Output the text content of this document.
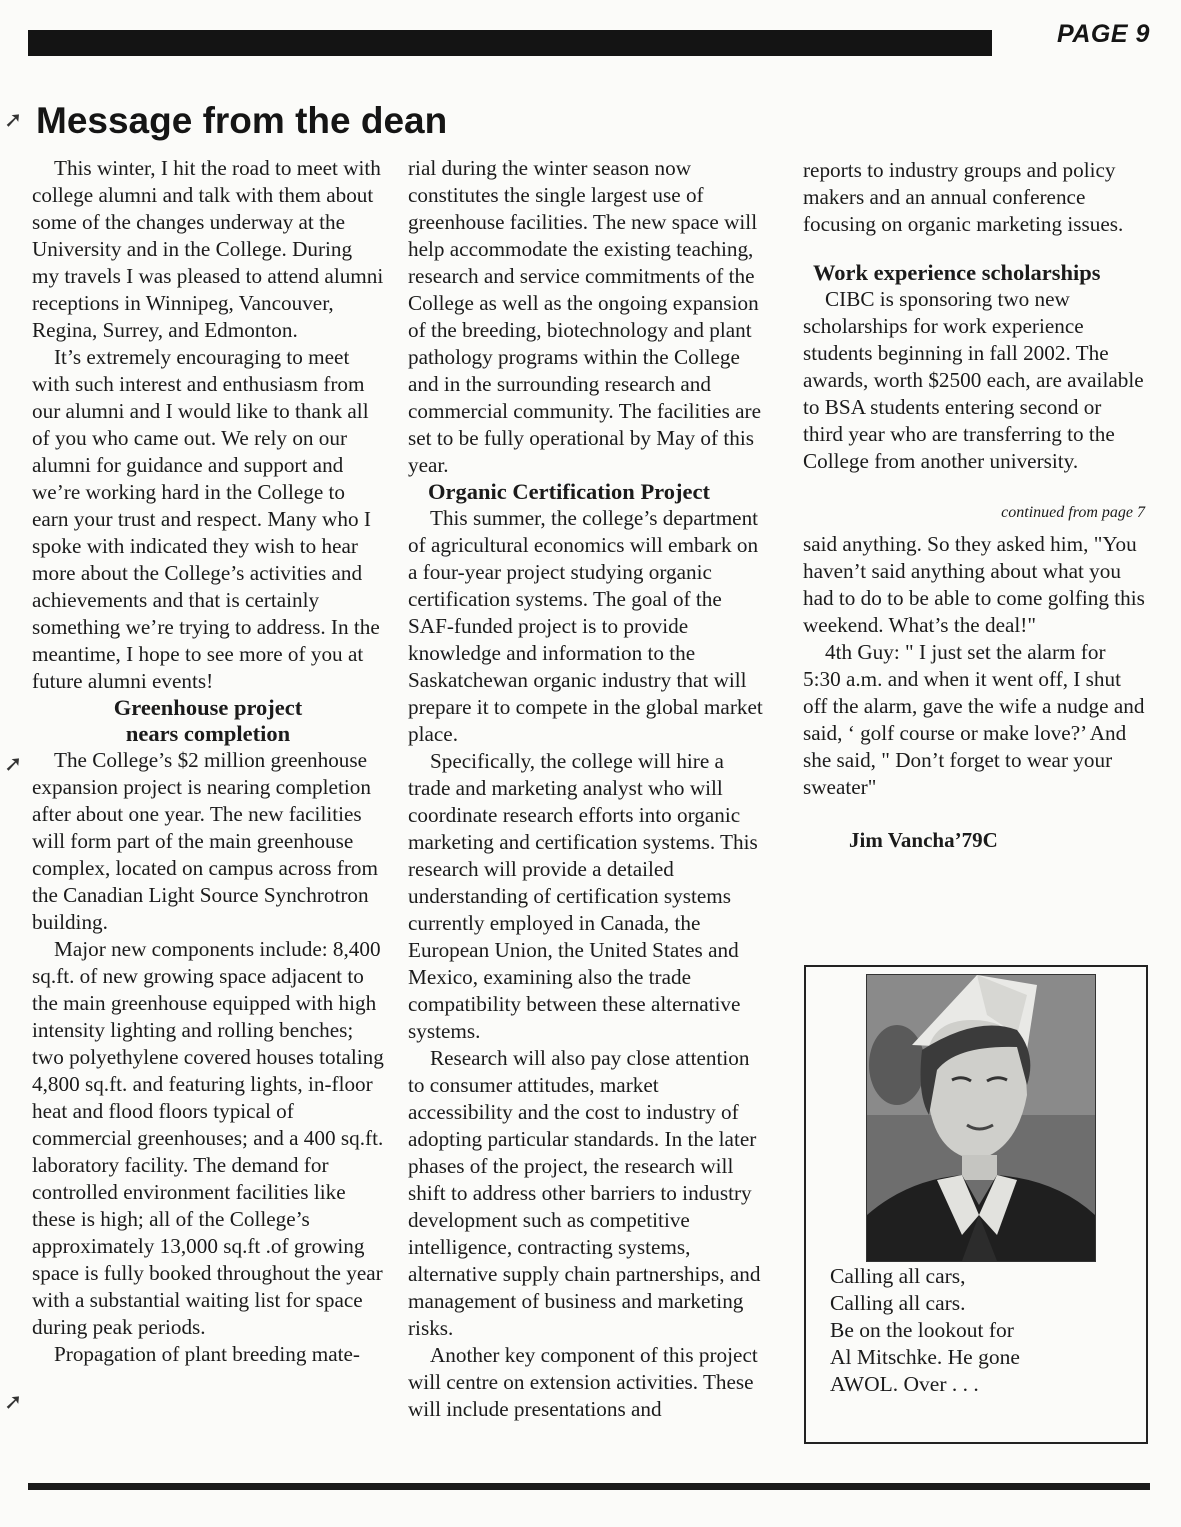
PAGE 9
➚ Message from the dean

This winter, I hit the road to meet with college alumni and talk with them about some of the changes underway at the University and in the College. During my travels I was pleased to attend alumni receptions in Winnipeg, Vancouver, Regina, Surrey, and Edmonton.

It’s extremely encouraging to meet with such interest and enthusiasm from our alumni and I would like to thank all of you who came out. We rely on our alumni for guidance and support and we’re working hard in the College to earn your trust and respect. Many who I spoke with indicated they wish to hear more about the College’s activities and achievements and that is certainly something we’re trying to address. In the meantime, I hope to see more of you at future alumni events!

Greenhouse project
nears completion

The College’s $2 million greenhouse expansion project is nearing completion after about one year. The new facilities will form part of the main greenhouse complex, located on campus across from the Canadian Light Source Synchrotron building.

Major new components include: 8,400 sq.ft. of new growing space adjacent to the main greenhouse equipped with high intensity lighting and rolling benches; two polyethylene covered houses totaling 4,800 sq.ft. and featuring lights, in-floor heat and flood floors typical of commercial greenhouses; and a 400 sq.ft. laboratory facility. The demand for controlled environment facilities like these is high; all of the College’s approximately 13,000 sq.ft .of growing space is fully booked throughout the year with a substantial waiting list for space during peak periods.

Propagation of plant breeding mate-

➚
➚

rial during the winter season now constitutes the single largest use of greenhouse facilities. The new space will help accommodate the existing teaching, research and service commitments of the College as well as the ongoing expansion of the breeding, biotechnology and plant pathology programs within the College and in the surrounding research and commercial community. The facilities are set to be fully operational by May of this year.

Organic Certification Project

This summer, the college’s department of agricultural economics will embark on a four-year project studying organic certification systems. The goal of the SAF-funded project is to provide knowledge and information to the Saskatchewan organic industry that will prepare it to compete in the global market place.

Specifically, the college will hire a trade and marketing analyst who will coordinate research efforts into organic marketing and certification systems. This research will provide a detailed understanding of certification systems currently employed in Canada, the European Union, the United States and Mexico, examining also the trade compatibility between these alternative systems.

Research will also pay close attention to consumer attitudes, market accessibility and the cost to industry of adopting particular standards. In the later phases of the project, the research will shift to address other barriers to industry development such as competitive intelligence, contracting systems, alternative supply chain partnerships, and management of business and marketing risks.

Another key component of this project will centre on extension activities. These will include presentations and

reports to industry groups and policy makers and an annual conference focusing on organic marketing issues.

Work experience scholarships

CIBC is sponsoring two new scholarships for work experience students beginning in fall 2002. The awards, worth $2500 each, are available to BSA students entering second or third year who are transferring to the College from another university.

continued from page 7

said anything. So they asked him, "You haven’t said anything about what you had to do to be able to come golfing this weekend. What’s the deal!"

4th Guy: " I just set the alarm for 5:30 a.m. and when it went off, I shut off the alarm, gave the wife a nudge and said, ‘ golf course or make love?’ And she said, " Don’t forget to wear your sweater"

Jim Vancha’79C

Calling all cars,
Calling all cars.
Be on the lookout for
Al Mitschke. He gone
AWOL. Over . . .
